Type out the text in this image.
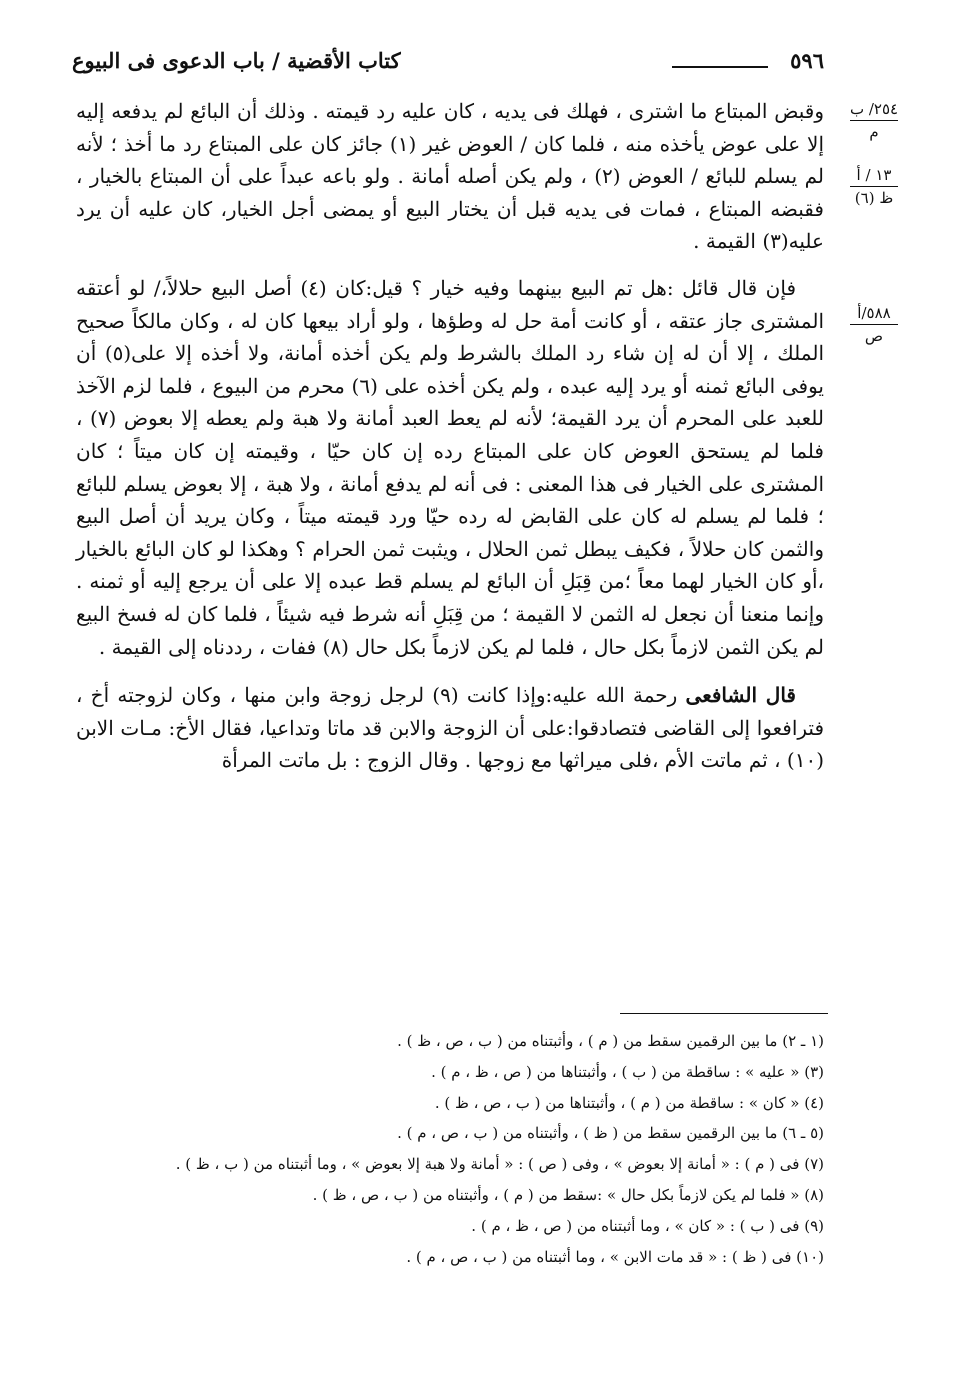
٥٩٦
كتاب الأقضية / باب الدعوى فى البيوع
٢٥٤/ ب
م
١٣ / أ
ظ (٦)
٥٨٨/أ
ص

وقبض المبتاع ما اشترى ، فهلك فى يديه ، كان عليه رد قيمته . وذلك أن البائع لم يدفعه إليه إلا على عوض يأخذه منه ، فلما كان / العوض غير (١) جائز كان على المبتاع رد ما أخذ ؛ لأنه لم يسلم للبائع / العوض (٢) ، ولم يكن أصله أمانة . ولو باعه عبداً على أن المبتاع بالخيار ، فقبضه المبتاع ، فمات فى يديه قبل أن يختار البيع أو يمضى أجل الخيار، كان عليه أن يرد عليه(٣) القيمة .

فإن قال قائل :هل تم البيع بينهما وفيه خيار ؟ قيل:كان (٤) أصل البيع حلالاً،/ لو أعتقه المشترى جاز عتقه ، أو كانت أمة حل له وطؤها ، ولو أراد بيعها كان له ، وكان مالكاً صحيح الملك ، إلا أن له إن شاء رد الملك بالشرط ولم يكن أخذه أمانة، ولا أخذه إلا على(٥) أن يوفى البائع ثمنه أو يرد إليه عبده ، ولم يكن أخذه على (٦) محرم من البيوع ، فلما لزم الآخذ للعبد على المحرم أن يرد القيمة؛ لأنه لم يعط العبد أمانة ولا هبة ولم يعطه إلا بعوض (٧) ، فلما لم يستحق العوض كان على المبتاع رده إن كان حيّا ، وقيمته إن كان ميتاً ؛ كان المشترى على الخيار فى هذا المعنى : فى أنه لم يدفع أمانة ، ولا هبة ، إلا بعوض يسلم للبائع ؛ فلما لم يسلم له كان على القابض له رده حيّا ورد قيمته ميتاً ، وكان يريد أن أصل البيع والثمن كان حلالاً ، فكيف يبطل ثمن الحلال ، ويثبت ثمن الحرام ؟ وهكذا لو كان البائع بالخيار ،أو كان الخيار لهما معاً ؛من قِبَلِ أن البائع لم يسلم قط عبده إلا على أن يرجع إليه أو ثمنه . وإنما منعنا أن نجعل له الثمن لا القيمة ؛ من قِبَلِ أنه شرط فيه شيئاً ، فلما كان له فسخ البيع لم يكن الثمن لازماً بكل حال ، فلما لم يكن لازماً بكل حال (٨) ففات ، رددناه إلى القيمة .

قال الشافعى رحمة الله عليه:وإذا كانت (٩) لرجل زوجة وابن منها ، وكان لزوجته أخ ، فترافعوا إلى القاضى فتصادقوا:على أن الزوجة والابن قد ماتا وتداعيا، فقال الأخ: مـات الابن (١٠) ، ثم ماتت الأم ،فلى ميراثها مع زوجها . وقال الزوج : بل ماتت المرأة

(١ ـ ٢) ما بين الرقمين سقط من ( م ) ، وأثبتناه من ( ب ، ص ، ظ ) .
(٣) « عليه » : ساقطة من ( ب ) ، وأثبتناها من ( ص ، ظ ، م ) .
(٤) « كان » : ساقطة من ( م ) ، وأثبتناها من ( ب ، ص ، ظ ) .
(٥ ـ ٦) ما بين الرقمين سقط من ( ظ ) ، وأثبتناه من ( ب ، ص ، م ) .
(٧) فى ( م ) : « أمانة إلا بعوض » ، وفى ( ص ) : « أمانة ولا هبة إلا بعوض » ، وما أثبتناه من ( ب ، ظ ) .
(٨) « فلما لم يكن لازماً بكل حال » :سقط من ( م ) ، وأثبتناه من ( ب ، ص ، ظ ) .
(٩) فى ( ب ) : « كان » ، وما أثبتناه من ( ص ، ظ ، م ) .
(١٠) فى ( ظ ) : « قد مات الابن » ، وما أثبتناه من ( ب ، ص ، م ) .
